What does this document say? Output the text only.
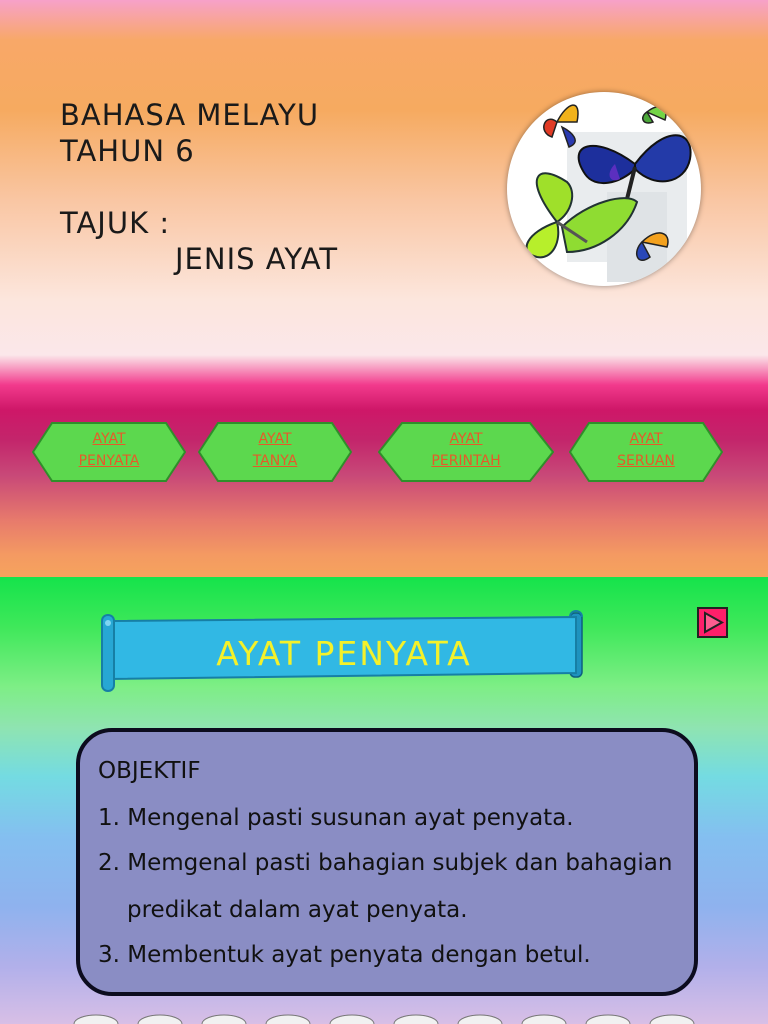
BAHASA MELAYU
TAHUN 6
TAJUK :
JENIS AYAT
AYAT
PENYATA
AYAT
TANYA
AYAT
PERINTAH
AYAT
SERUAN
AYAT PENYATA
OBJEKTIF
1. Mengenal pasti susunan ayat penyata.
2. Memgenal pasti bahagian subjek dan bahagian
predikat dalam ayat penyata.
3. Membentuk ayat penyata dengan betul.
